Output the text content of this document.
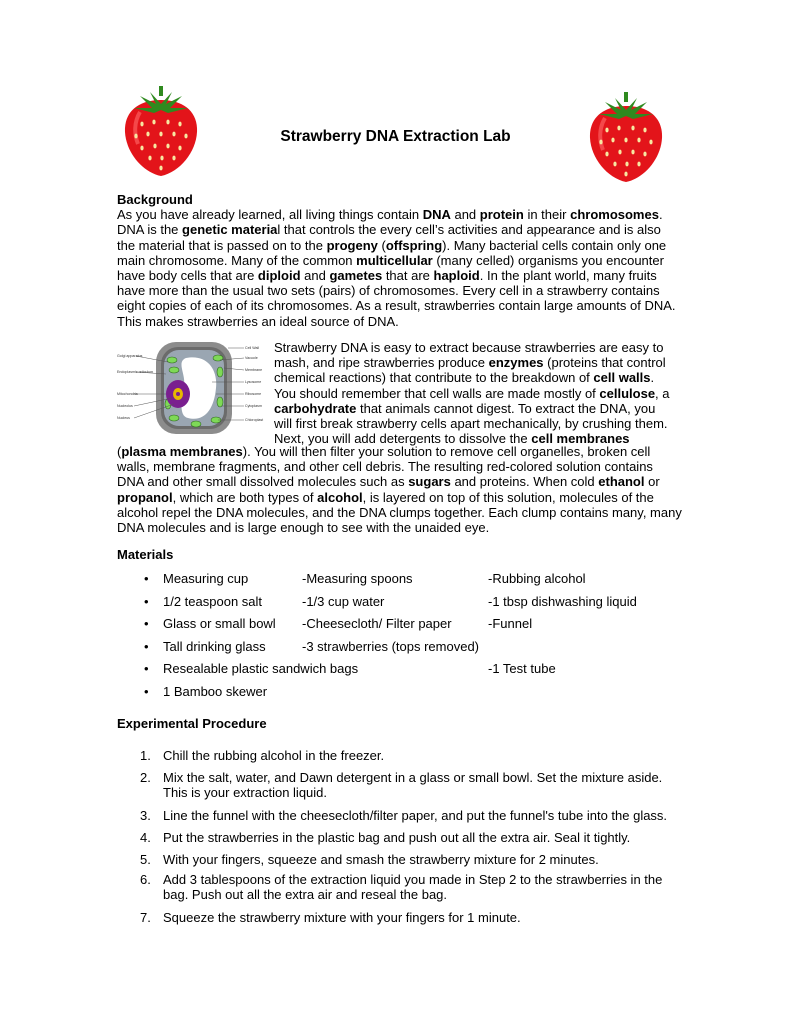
Strawberry DNA Extraction Lab
Background

As you have already learned, all living things contain DNA and protein in their chromosomes. DNA is the genetic material that controls the every cell’s activities and appearance and is also the material that is passed on to the progeny (offspring). Many bacterial cells contain only one main chromosome. Many of the common multicellular (many celled) organisms you encounter have body cells that are diploid and gametes that are haploid. In the plant world, many fruits have more than the usual two sets (pairs) of chromosomes. Every cell in a strawberry contains eight copies of each of its chromosomes. As a result, strawberries contain large amounts of DNA. This makes strawberries an ideal source of DNA.

Golgi apparatus
Endoplasmic reticulum
Mitochondria
Nucleolus
Nucleus
Cell Wall
Vacuole
Membrane
Lysosome
Ribosome
Cytoplasm
Chloroplast

Strawberry DNA is easy to extract because strawberries are easy to mash, and ripe strawberries produce enzymes (proteins that control chemical reactions) that contribute to the breakdown of cell walls. You should remember that cell walls are made mostly of cellulose, a carbohydrate that animals cannot digest. To extract the DNA, you will first break strawberry cells apart mechanically, by crushing them. Next, you will add detergents to dissolve the cell membranes

(plasma membranes). You will then filter your solution to remove cell organelles, broken cell walls, membrane fragments, and other cell debris. The resulting red-colored solution contains DNA and other small dissolved molecules such as sugars and proteins. When cold ethanol or propanol, which are both types of alcohol, is layered on top of this solution, molecules of the alcohol repel the DNA molecules, and the DNA clumps together. Each clump contains many, many DNA molecules and is large enough to see with the unaided eye.

Materials
• Measuring cup	-Measuring spoons	-Rubbing alcohol
• 1/2 teaspoon salt	-1/3 cup water	-1 tbsp dishwashing liquid
• Glass or small bowl -Cheesecloth/ Filter paper	-Funnel
• Tall drinking glass	-3 strawberries (tops removed)
• Resealable plastic sandwich bags	-1 Test tube
• 1 Bamboo skewer
Experimental Procedure
1. Chill the rubbing alcohol in the freezer.
2. Mix the salt, water, and Dawn detergent in a glass or small bowl. Set the mixture aside. This is your extraction liquid.
3. Line the funnel with the cheesecloth/filter paper, and put the funnel's tube into the glass.
4. Put the strawberries in the plastic bag and push out all the extra air. Seal it tightly.
5. With your fingers, squeeze and smash the strawberry mixture for 2 minutes.
6. Add 3 tablespoons of the extraction liquid you made in Step 2 to the strawberries in the bag. Push out all the extra air and reseal the bag.
7. Squeeze the strawberry mixture with your fingers for 1 minute.
